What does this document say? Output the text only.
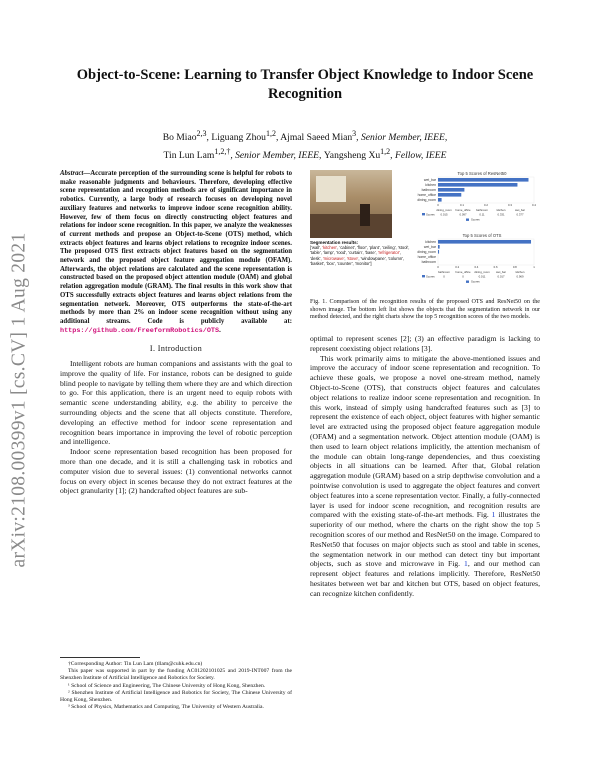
arXiv:2108.00399v1 [cs.CV] 1 Aug 2021
Object-to-Scene: Learning to Transfer Object Knowledge to Indoor Scene Recognition
Bo Miao$^{2,3}$, Liguang Zhou$^{1,2}$, Ajmal Saeed Mian$^3$, Senior Member, IEEE,
Tin Lun Lam$^{1,2,\dagger}$, Senior Member, IEEE, Yangsheng Xu$^{1,2}$, Fellow, IEEE

Abstract—Accurate perception of the surrounding scene is helpful for robots to make reasonable judgments and behaviours. Therefore, developing effective scene representation and recognition methods are of significant importance in robotics. Currently, a large body of research focuses on developing novel auxiliary features and networks to improve indoor scene recognition ability. However, few of them focus on directly constructing object features and relations for indoor scene recognition. In this paper, we analyze the weaknesses of current methods and propose an Object-to-Scene (OTS) method, which extracts object features and learns object relations to recognize indoor scenes. The proposed OTS first extracts object features based on the segmentation network and the proposed object feature aggregation module (OFAM). Afterwards, the object relations are calculated and the scene representation is constructed based on the proposed object attention module (OAM) and global relation aggregation module (GRAM). The final results in this work show that OTS successfully extracts object features and learns object relations from the segmentation network. Moreover, OTS outperforms the state-of-the-art methods by more than 2% on indoor scene recognition without using any additional streams. Code is publicly available at: https://github.com/FreeformRobotics/OTS.

I. Introduction

Intelligent robots are human companions and assistants with the goal to improve the quality of life. For instance, robots can be designed to guide blind people to navigate by telling them where they are and which direction to go. For this application, there is an urgent need to equip robots with semantic scene understanding ability, e.g. the ability to perceive the surrounding objects and the scene that all objects constitute. Therefore, developing an effective method for indoor scene representation and recognition bears importance in improving the level of robotic perception and intelligence.

Indoor scene representation based recognition has been proposed for more than one decade, and it is still a challenging task in robotics and computer vision due to several issues: (1) conventional networks cannot focus on every object in scenes because they do not extract features at the object granularity [1]; (2) handcrafted object features are sub-

†Corresponding Author: Tin Lun Lam (tllam@cuhk.edu.cn)

This paper was supported in part by the funding AC01202101025 and 2019-INT007 from the Shenzhen Institute of Artificial Intelligence and Robotics for Society.

¹ School of Science and Engineering, The Chinese University of Hong Kong, Shenzhen.

² Shenzhen Institute of Artificial Intelligence and Robotics for Society, The Chinese University of Hong Kong, Shenzhen.

³ School of Physics, Mathematics and Computing, The University of Western Australia.

Segmentation results:
['wall', 'kitchen', 'cabinet', 'floor', 'plant', 'ceiling', 'stool', 'table', 'lamp', 'rood', 'curtain', 'base', 'refrigerator', 'desk', 'microwave', 'stove', 'windowpane', 'column', 'basket', 'box', 'counter', 'monitor']
Top 5 Scores of ResNet50
wet_bar
kitchen
bathroom
home_office
dining_room
0	0.1	0.2	0.3	0.4
dining_room
0.015
home_office
0.097
bathroom
0.11
kitchen
0.331
wet_bar
0.377
Scores
Scores
Top 5 Scores of OTS
kitchen
wet_bar
dining_room
home_office
bathroom
0	0.2	0.4	0.6	0.8	1
bathroom
0
home_office
0
dining_room
0.011
wet_bar
0.017
kitchen
0.969
Scores
Scores

Fig. 1. Comparison of the recognition results of the proposed OTS and ResNet50 on the shown image. The bottom left list shows the objects that the segmentation network in our method detected, and the right charts show the top 5 recognition scores of the two models.

optimal to represent scenes [2]; (3) an effective paradigm is lacking to represent coexisting object relations [3].

This work primarily aims to mitigate the above-mentioned issues and improve the accuracy of indoor scene representation and recognition. To achieve these goals, we propose a novel one-stream method, namely Object-to-Scene (OTS), that constructs object features and calculates object relations to realize indoor scene representation and recognition. In this work, instead of simply using handcrafted features such as [3] to represent the existence of each object, object features with higher semantic level are extracted using the proposed object feature aggregation module (OFAM) and a segmentation network. Object attention module (OAM) is then used to learn object relations implicitly, the attention mechanism of the module can obtain long-range dependencies, and thus coexisting objects in all situations can be learned. After that, Global relation aggregation module (GRAM) based on a strip depthwise convolution and a pointwise convolution is used to aggregate the object features and convert object features into a scene representation vector. Finally, a fully-connected layer is used for indoor scene recognition, and recognition results are compared with the existing state-of-the-art methods. Fig. 1 illustrates the superiority of our method, where the charts on the right show the top 5 recognition scores of our method and ResNet50 on the image. Compared to ResNet50 that focuses on major objects such as stool and table in scenes, the segmentation network in our method can detect tiny but important objects, such as stove and microwave in Fig. 1, and our method can represent object features and relations implicitly. Therefore, ResNet50 hesitates between wet bar and kitchen but OTS, based on object features, can recognize kitchen confidently.
